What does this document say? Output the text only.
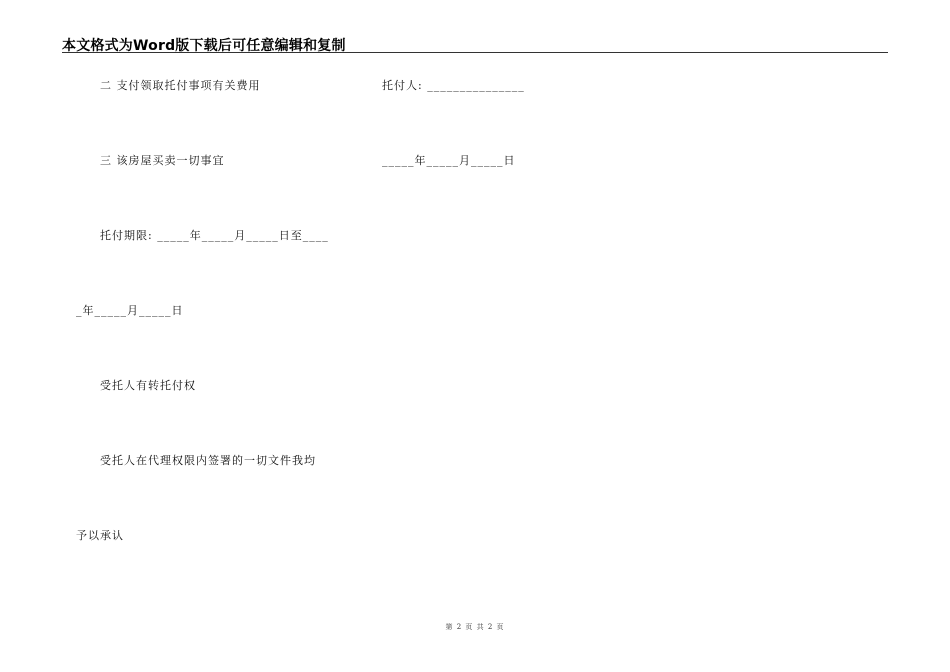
本文格式为Word版下载后可任意编辑和复制
二 支付领取托付事项有关费用	托付人: _______________
三 该房屋买卖一切事宜	_____年_____月_____日
托付期限: _____年_____月_____日至____
_年_____月_____日
受托人有转托付权
受托人在代理权限内签署的一切文件我均
予以承认
第 2 页 共 2 页
